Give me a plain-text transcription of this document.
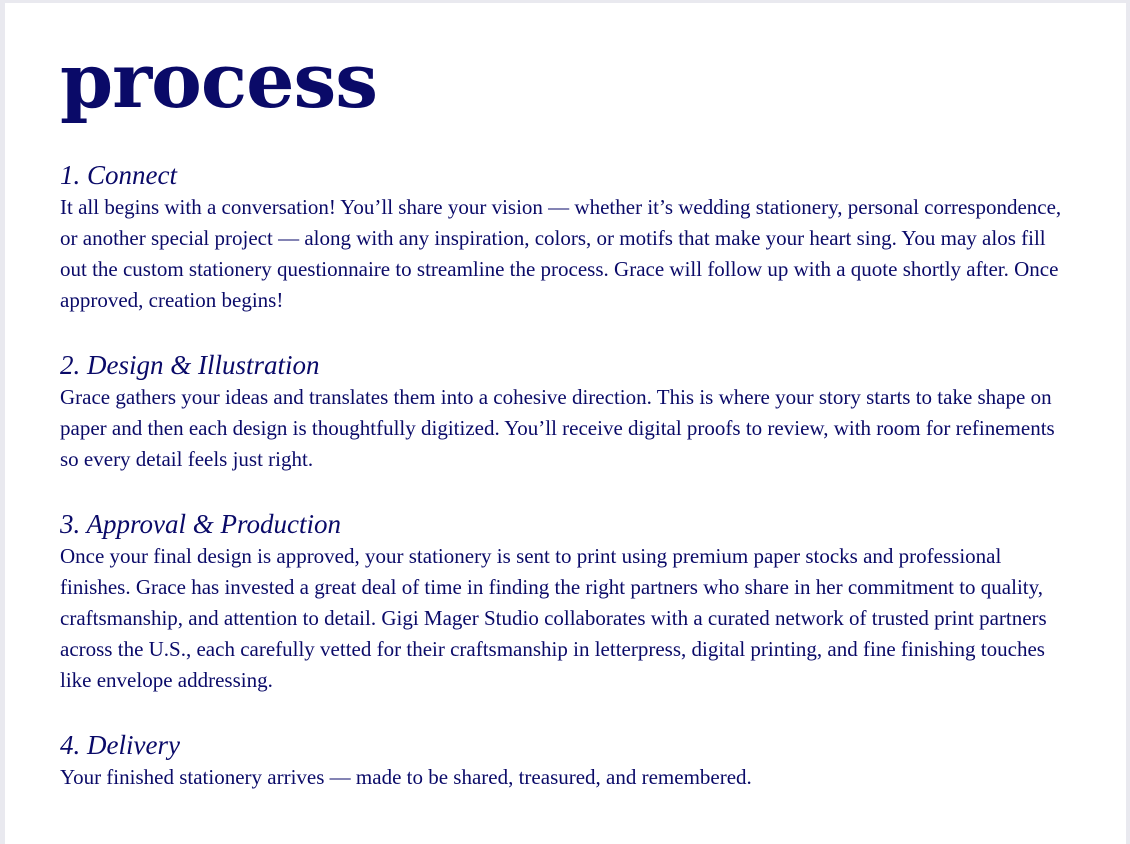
process
1. Connect

It all begins with a conversation! You’ll share your vision — whether it’s wedding stationery, personal correspondence, or another special project — along with any inspiration, colors, or motifs that make your heart sing. You may alos fill out the custom stationery questionnaire to streamline the process. Grace will follow up with a quote shortly after. Once approved, creation begins!

2. Design & Illustration

Grace gathers your ideas and translates them into a cohesive direction. This is where your story starts to take shape on paper and then each design is thoughtfully digitized. You’ll receive digital proofs to review, with room for refinements so every detail feels just right.

3. Approval & Production

Once your final design is approved, your stationery is sent to print using premium paper stocks and professional finishes. Grace has invested a great deal of time in finding the right partners who share in her commitment to quality, craftsmanship, and attention to detail. Gigi Mager Studio collaborates with a curated network of trusted print partners across the U.S., each carefully vetted for their craftsmanship in letterpress, digital printing, and fine finishing touches like envelope addressing.

4. Delivery

Your finished stationery arrives — made to be shared, treasured, and remembered.
